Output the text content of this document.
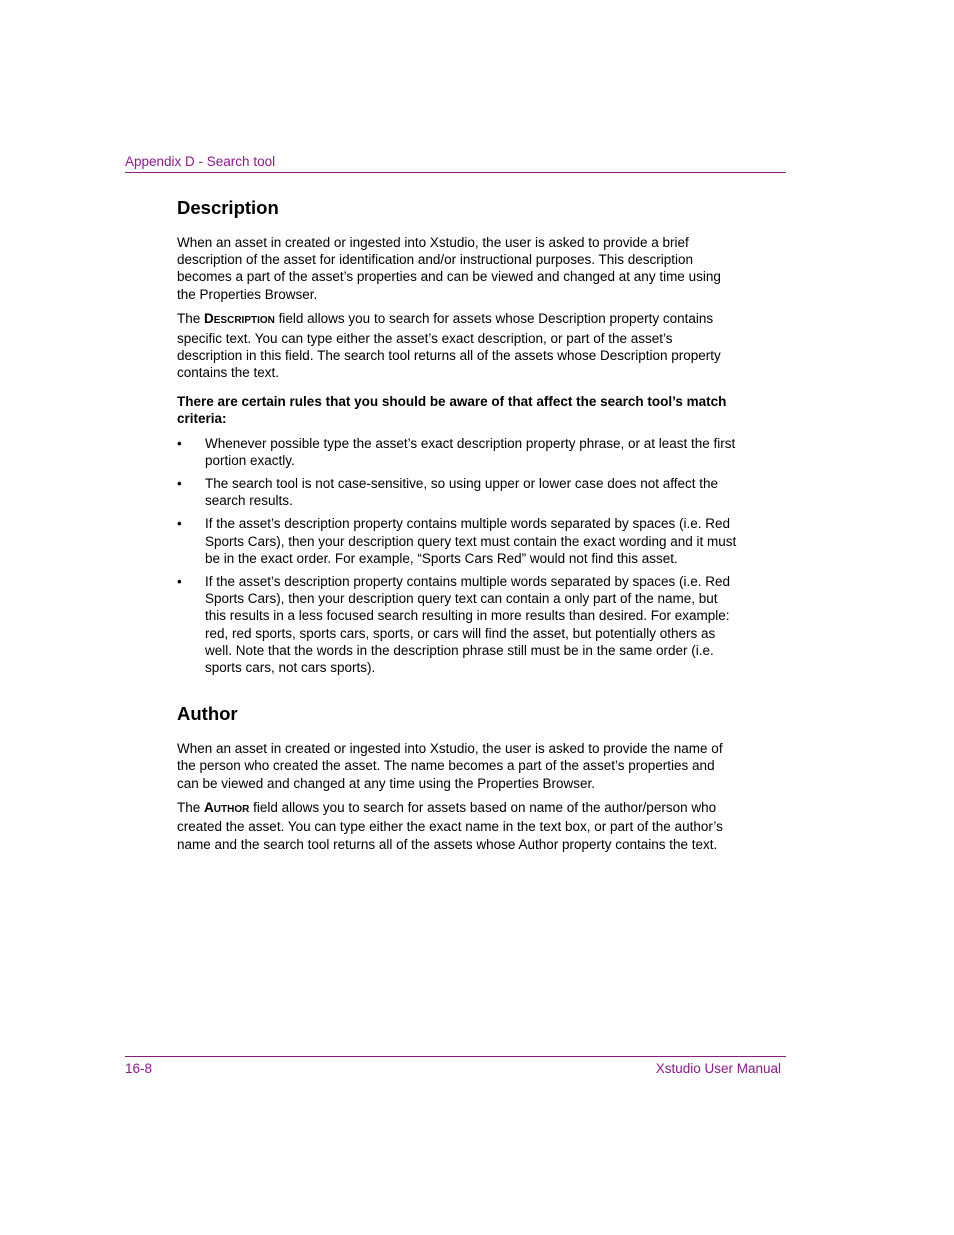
Appendix D - Search tool
Description

When an asset in created or ingested into Xstudio, the user is asked to provide a brief description of the asset for identification and/or instructional purposes. This description becomes a part of the asset’s properties and can be viewed and changed at any time using the Properties Browser.

The DESCRIPTION field allows you to search for assets whose Description property contains specific text. You can type either the asset’s exact description, or part of the asset’s description in this field. The search tool returns all of the assets whose Description property contains the text.

There are certain rules that you should be aware of that affect the search tool’s match criteria:

• Whenever possible type the asset’s exact description property phrase, or at least the first portion exactly.
• The search tool is not case-sensitive, so using upper or lower case does not affect the search results.
• If the asset’s description property contains multiple words separated by spaces (i.e. Red Sports Cars), then your description query text must contain the exact wording and it must be in the exact order. For example, “Sports Cars Red” would not find this asset.
• If the asset’s description property contains multiple words separated by spaces (i.e. Red Sports Cars), then your description query text can contain a only part of the name, but this results in a less focused search resulting in more results than desired. For example: red, red sports, sports cars, sports, or cars will find the asset, but potentially others as well. Note that the words in the description phrase still must be in the same order (i.e. sports cars, not cars sports).
Author

When an asset in created or ingested into Xstudio, the user is asked to provide the name of the person who created the asset. The name becomes a part of the asset’s properties and can be viewed and changed at any time using the Properties Browser.

The AUTHOR field allows you to search for assets based on name of the author/person who created the asset. You can type either the exact name in the text box, or part of the author’s name and the search tool returns all of the assets whose Author property contains the text.

16-8	Xstudio User Manual
